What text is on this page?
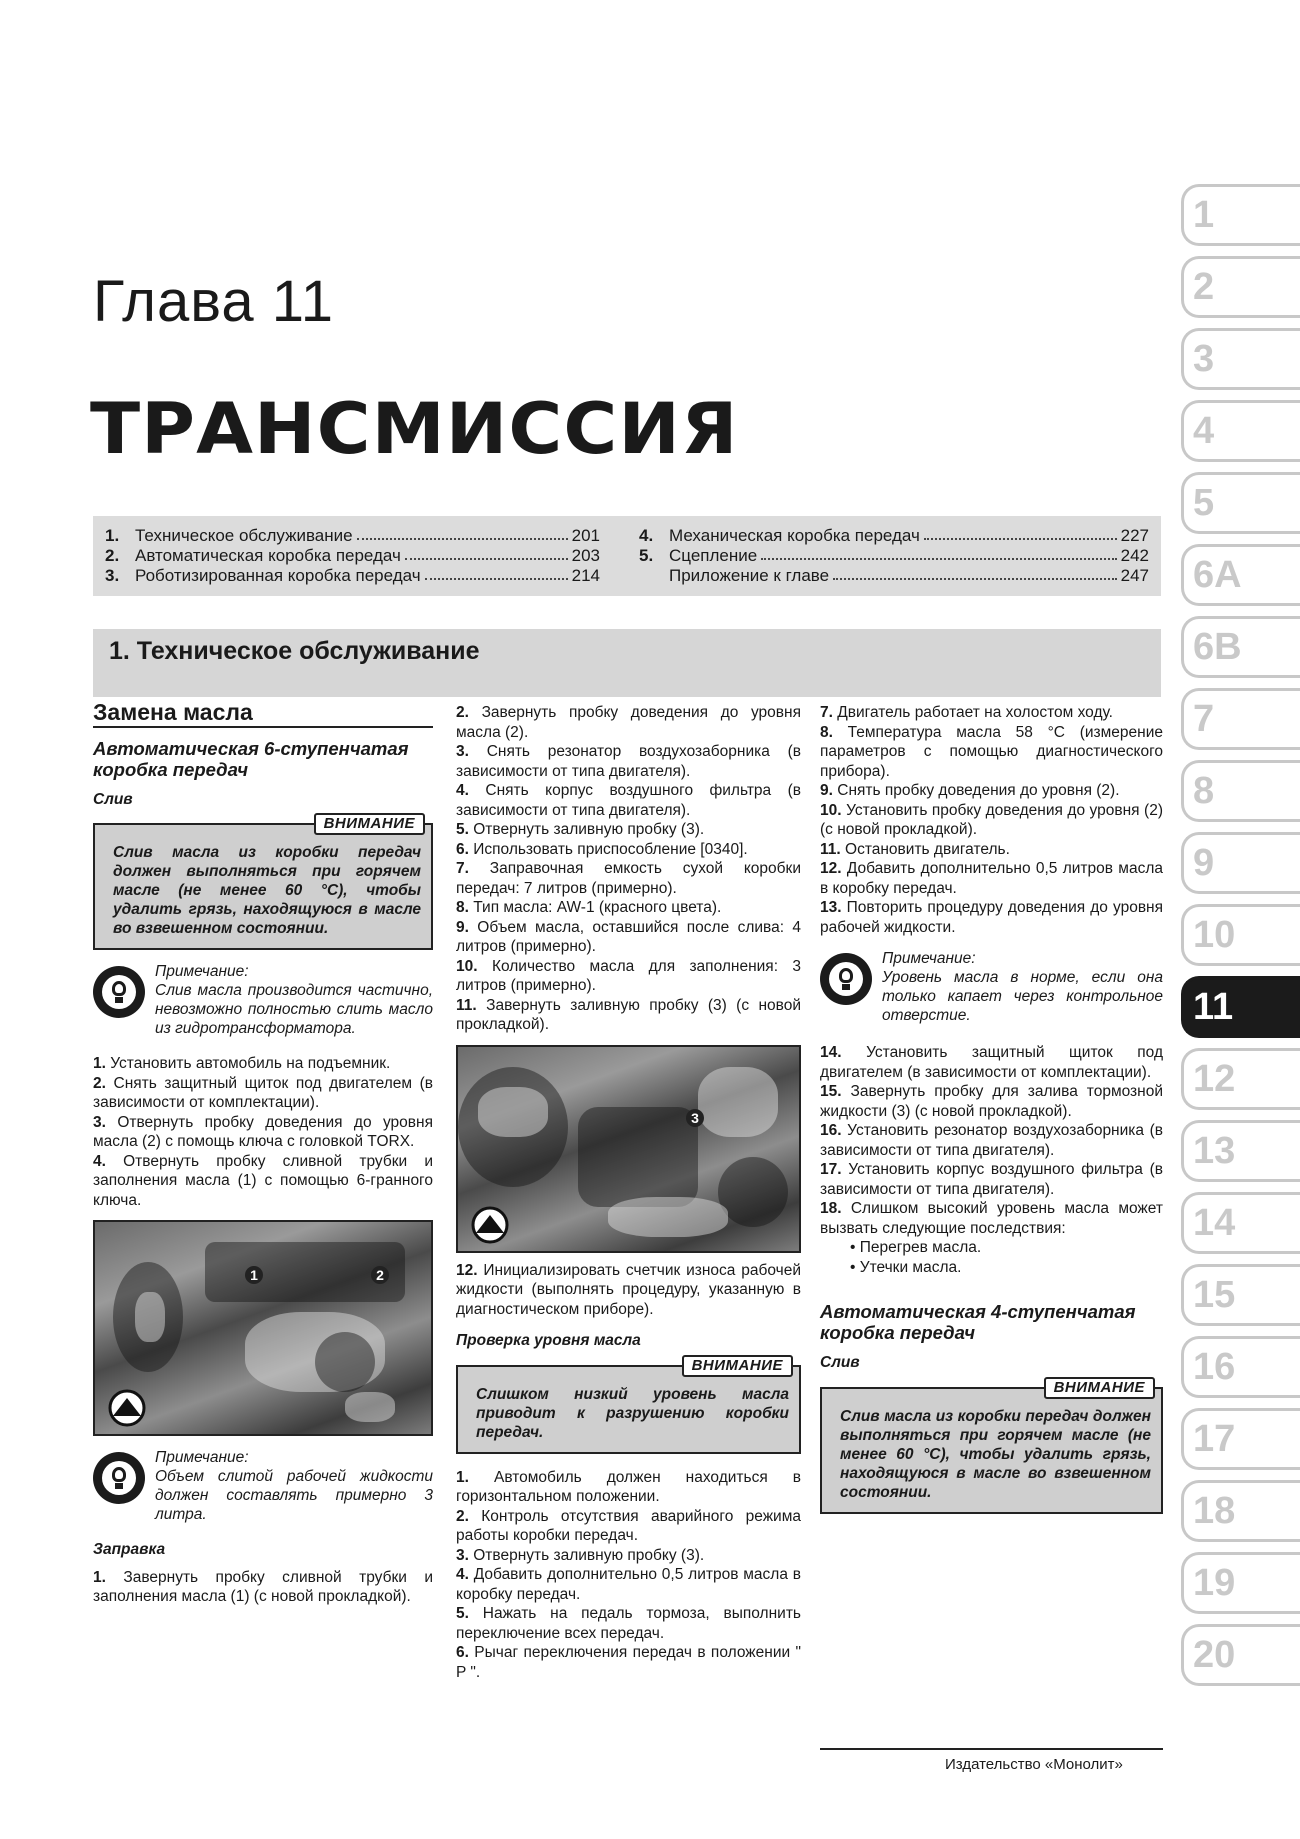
Глава 11
ТРАНСМИССИЯ
1. Техническое обслуживание	201
2. Автоматическая коробка передач	203
3. Роботизированная коробка передач	214
4. Механическая коробка передач	227
5. Сцепление	242
Приложение к главе	247
1. Техническое обслуживание
1
2
3
4
5
6A
6B
7
8
9
10
11
12
13
14
15
16
17
18
19
20
Замена масла
Автоматическая 6-ступенчатая коробка передач
Слив
ВНИМАНИЕ
Слив масла из коробки передач должен выполняться при горячем масле (не менее 60 °С), чтобы удалить грязь, находящуюся в масле во взвешенном состоянии.
Примечание:
Слив масла производится частично, невозможно полностью слить масло из гидротрансформатора.

1. Установить автомобиль на подъемник.

2. Снять защитный щиток под двигателем (в зависимости от комплектации).

3. Отвернуть пробку доведения до уровня масла (2) с помощь ключа с головкой TORX.

4. Отвернуть пробку сливной трубки и заполнения масла (1) с помощью 6-гранного ключа.

1	2
Примечание:
Объем слитой рабочей жидкости должен составлять примерно 3 литра.
Заправка

1. Завернуть пробку сливной трубки и заполнения масла (1) (с новой прокладкой).

2. Завернуть пробку доведения до уровня масла (2).

3. Снять резонатор воздухозаборника (в зависимости от типа двигателя).

4. Снять корпус воздушного фильтра (в зависимости от типа двигателя).

5. Отвернуть заливную пробку (3).

6. Использовать приспособление [0340].

7. Заправочная емкость сухой коробки передач: 7 литров (примерно).

8. Тип масла: AW-1 (красного цвета).

9. Объем масла, оставшийся после слива: 4 литров (примерно).

10. Количество масла для заполнения: 3 литров (примерно).

11. Завернуть заливную пробку (3) (с новой прокладкой).

3

12. Инициализировать счетчик износа рабочей жидкости (выполнять процедуру, указанную в диагностическом приборе).

Проверка уровня масла
ВНИМАНИЕ
Слишком низкий уровень масла приводит к разрушению коробки передач.

1. Автомобиль должен находиться в горизонтальном положении.

2. Контроль отсутствия аварийного режима работы коробки передач.

3. Отвернуть заливную пробку (3).

4. Добавить дополнительно 0,5 литров масла в коробку передач.

5. Нажать на педаль тормоза, выполнить переключение всех передач.

6. Рычаг переключения передач в положении " P ".

7. Двигатель работает на холостом ходу.

8. Температура масла 58 °С (измерение параметров с помощью диагностического прибора).

9. Снять пробку доведения до уровня (2).

10. Установить пробку доведения до уровня (2) (с новой прокладкой).

11. Остановить двигатель.

12. Добавить дополнительно 0,5 литров масла в коробку передач.

13. Повторить процедуру доведения до уровня рабочей жидкости.

Примечание:
Уровень масла в норме, если она только капает через контрольное отверстие.

14. Установить защитный щиток под двигателем (в зависимости от комплектации).

15. Завернуть пробку для залива тормозной жидкости (3) (с новой прокладкой).

16. Установить резонатор воздухозаборника (в зависимости от типа двигателя).

17. Установить корпус воздушного фильтра (в зависимости от типа двигателя).

18. Слишком высокий уровень масла может вызвать следующие последствия:

• Перегрев масла.
• Утечки масла.
Автоматическая 4-ступенчатая коробка передач
Слив
ВНИМАНИЕ
Слив масла из коробки передач должен выполняться при горячем масле (не менее 60 °С), чтобы удалить грязь, находящуюся в масле во взвешенном состоянии.
Издательство «Монолит»
